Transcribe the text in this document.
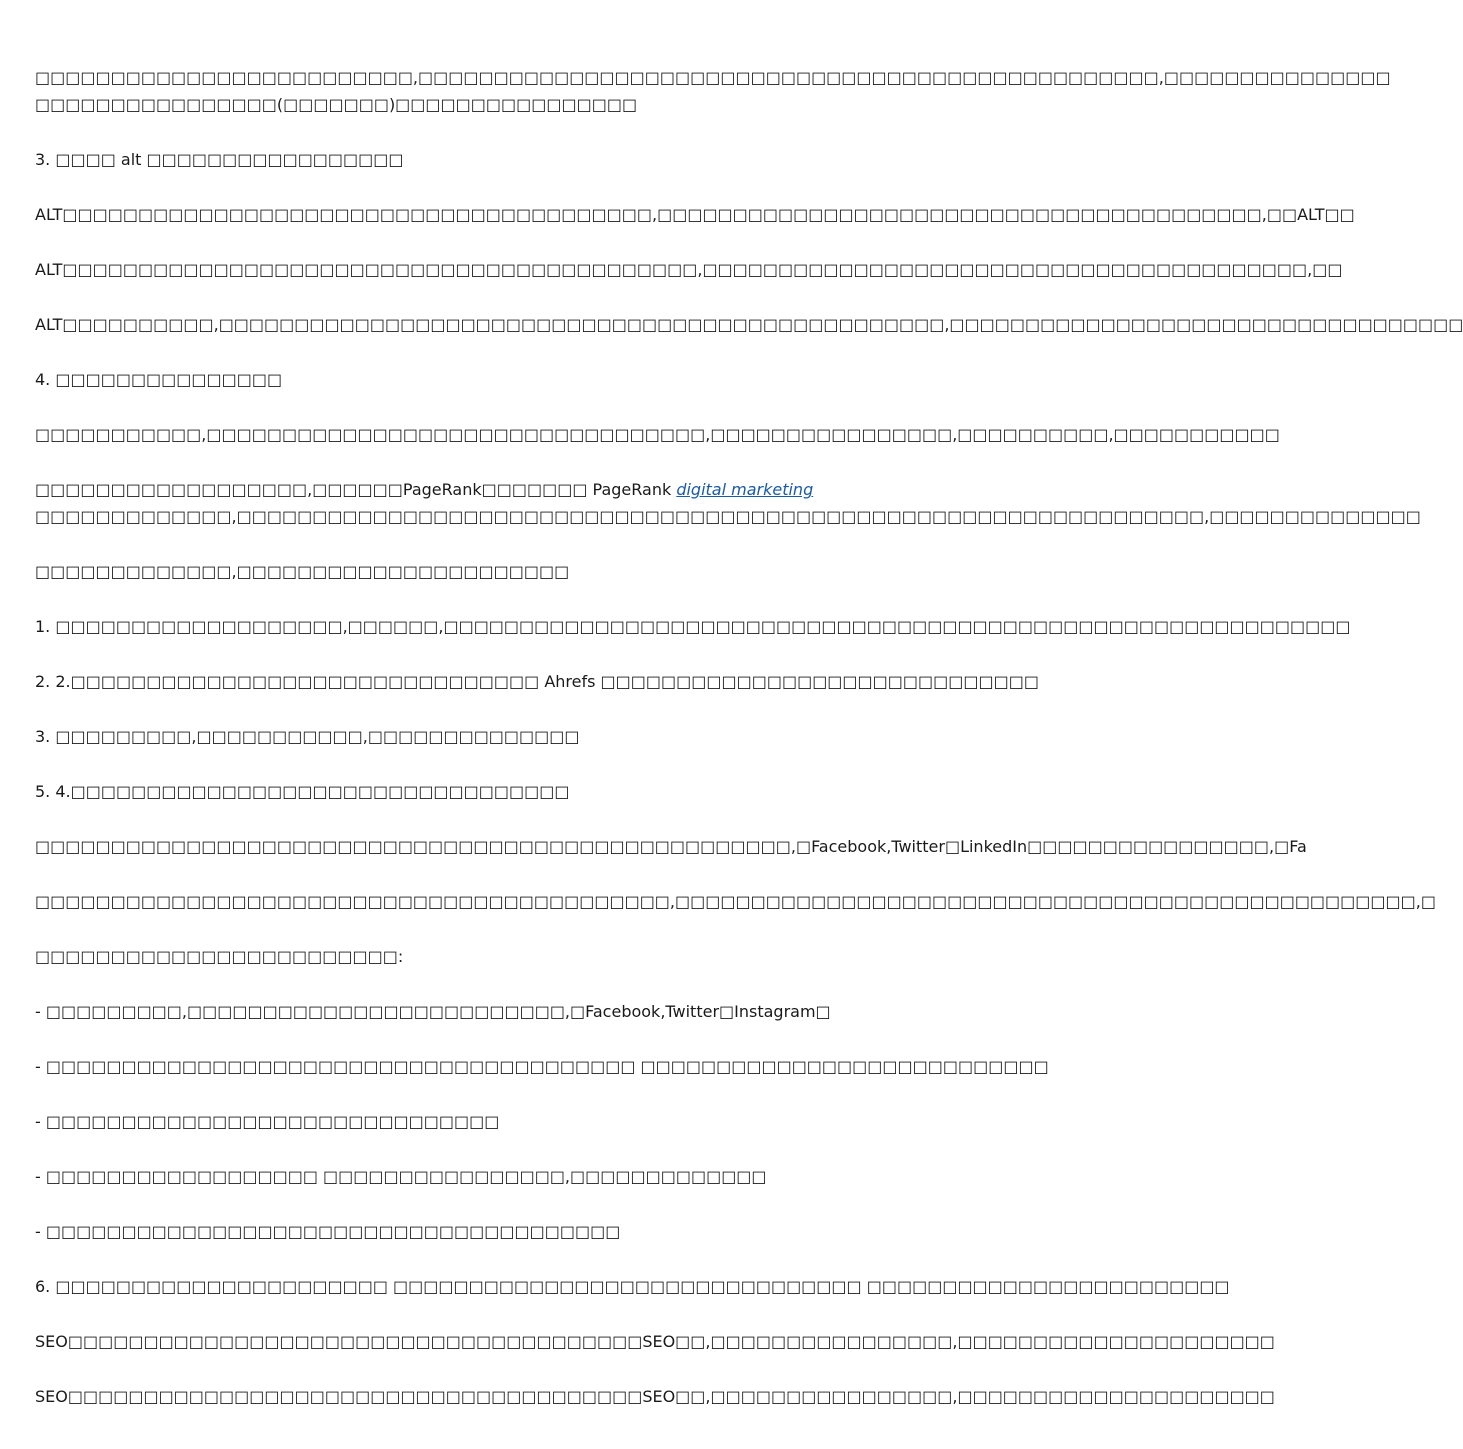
□□□□□□□□□□□□□□□□□□□□□□□□□,□□□□□□□□□□□□□□□□□□□□□□□□□□□□□□□□□□□□□□□□□□□□□□□□□,□□□□□□□□□□□□□□□
□□□□□□□□□□□□□□□□(□□□□□□□)□□□□□□□□□□□□□□□□
3. □□□□ alt □□□□□□□□□□□□□□□□□
ALT□□□□□□□□□□□□□□□□□□□□□□□□□□□□□□□□□□□□□□□,□□□□□□□□□□□□□□□□□□□□□□□□□□□□□□□□□□□□□□□□,□□ALT□□
ALT□□□□□□□□□□□□□□□□□□□□□□□□□□□□□□□□□□□□□□□□□□,□□□□□□□□□□□□□□□□□□□□□□□□□□□□□□□□□□□□□□□□,□□
ALT□□□□□□□□□□,□□□□□□□□□□□□□□□□□□□□□□□□□□□□□□□□□□□□□□□□□□□□□□□□,□□□□□□□□□□□□□□□□□□□□□□□□□□□□□□□□□□
4. □□□□□□□□□□□□□□□
□□□□□□□□□□□,□□□□□□□□□□□□□□□□□□□□□□□□□□□□□□□□□,□□□□□□□□□□□□□□□□,□□□□□□□□□□,□□□□□□□□□□□
□□□□□□□□□□□□□□□□□□,□□□□□□PageRank□□□□□□□ PageRank digital marketing
□□□□□□□□□□□□□,□□□□□□□□□□□□□□□□□□□□□□□□□□□□□□□□□□□□□□□□□□□□□□□□□□□□□□□□□□□□□□□□,□□□□□□□□□□□□□□
□□□□□□□□□□□□□,□□□□□□□□□□□□□□□□□□□□□□
1. □□□□□□□□□□□□□□□□□□□,□□□□□□,□□□□□□□□□□□□□□□□□□□□□□□□□□□□□□□□□□□□□□□□□□□□□□□□□□□□□□□□□□□□
2. 2.□□□□□□□□□□□□□□□□□□□□□□□□□□□□□□□ Ahrefs □□□□□□□□□□□□□□□□□□□□□□□□□□□□□
3. □□□□□□□□□,□□□□□□□□□□□,□□□□□□□□□□□□□□
5. 4.□□□□□□□□□□□□□□□□□□□□□□□□□□□□□□□□□
□□□□□□□□□□□□□□□□□□□□□□□□□□□□□□□□□□□□□□□□□□□□□□□□□□,□Facebook,Twitter□LinkedIn□□□□□□□□□□□□□□□□,□Fa
□□□□□□□□□□□□□□□□□□□□□□□□□□□□□□□□□□□□□□□□□□,□□□□□□□□□□□□□□□□□□□□□□□□□□□□□□□□□□□□□□□□□□□□□□□□□,□
□□□□□□□□□□□□□□□□□□□□□□□□:
- □□□□□□□□□,□□□□□□□□□□□□□□□□□□□□□□□□□,□Facebook,Twitter□Instagram□
- □□□□□□□□□□□□□□□□□□□□□□□□□□□□□□□□□□□□□□□ □□□□□□□□□□□□□□□□□□□□□□□□□□□
- □□□□□□□□□□□□□□□□□□□□□□□□□□□□□□
- □□□□□□□□□□□□□□□□□□ □□□□□□□□□□□□□□□□,□□□□□□□□□□□□□
- □□□□□□□□□□□□□□□□□□□□□□□□□□□□□□□□□□□□□□
6. □□□□□□□□□□□□□□□□□□□□□□ □□□□□□□□□□□□□□□□□□□□□□□□□□□□□□□ □□□□□□□□□□□□□□□□□□□□□□□□
SEO□□□□□□□□□□□□□□□□□□□□□□□□□□□□□□□□□□□□□□SEO□□,□□□□□□□□□□□□□□□□,□□□□□□□□□□□□□□□□□□□□□
SEO□□□□□□□□□□□□□□□□□□□□□□□□□□□□□□□□□□□□□□SEO□□,□□□□□□□□□□□□□□□□,□□□□□□□□□□□□□□□□□□□□□
